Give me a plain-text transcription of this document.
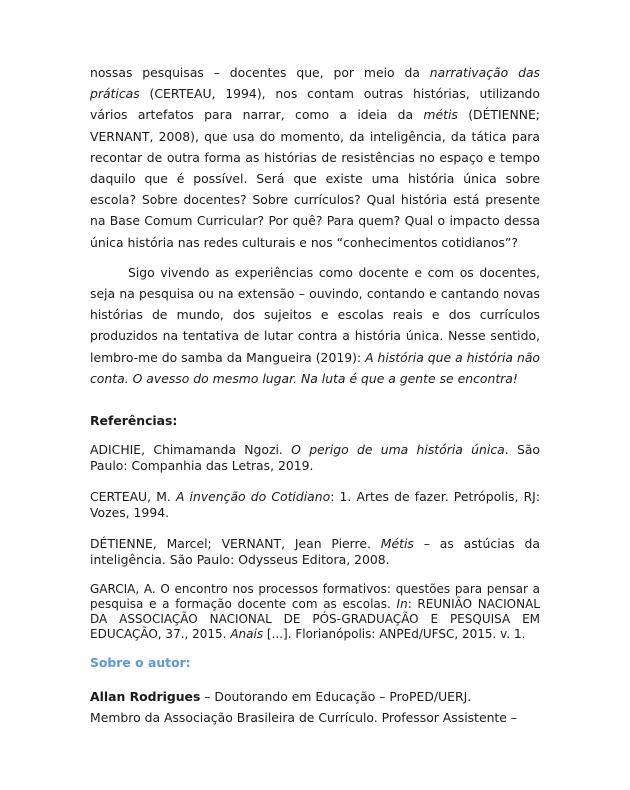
nossas pesquisas – docentes que, por meio da narrativação das práticas (CERTEAU, 1994), nos contam outras histórias, utilizando vários artefatos para narrar, como a ideia da métis (DÉTIENNE; VERNANT, 2008), que usa do momento, da inteligência, da tática para recontar de outra forma as histórias de resistências no espaço e tempo daquilo que é possível. Será que existe uma história única sobre escola? Sobre docentes? Sobre currículos? Qual história está presente na Base Comum Curricular? Por quê? Para quem? Qual o impacto dessa única história nas redes culturais e nos “conhecimentos cotidianos”?

Sigo vivendo as experiências como docente e com os docentes, seja na pesquisa ou na extensão – ouvindo, contando e cantando novas histórias de mundo, dos sujeitos e escolas reais e dos currículos produzidos na tentativa de lutar contra a história única. Nesse sentido, lembro-me do samba da Mangueira (2019): A história que a história não conta. O avesso do mesmo lugar. Na luta é que a gente se encontra!

Referências:

ADICHIE, Chimamanda Ngozi. O perigo de uma história única. São Paulo: Companhia das Letras, 2019.

CERTEAU, M. A invenção do Cotidiano: 1. Artes de fazer. Petrópolis, RJ: Vozes, 1994.

DÉTIENNE, Marcel; VERNANT, Jean Pierre. Métis – as astúcias da inteligência. São Paulo: Odysseus Editora, 2008.

GARCIA, A. O encontro nos processos formativos: questões para pensar a pesquisa e a formação docente com as escolas. In: REUNIÃO NACIONAL DA ASSOCIAÇÃO NACIONAL DE PÓS-GRADUAÇÃO E PESQUISA EM EDUCAÇÃO, 37., 2015. Anais [...]. Florianópolis: ANPEd/UFSC, 2015. v. 1.

Sobre o autor:

Allan Rodrigues – Doutorando em Educação – ProPED/UERJ.

Membro da Associação Brasileira de Currículo. Professor Assistente –
